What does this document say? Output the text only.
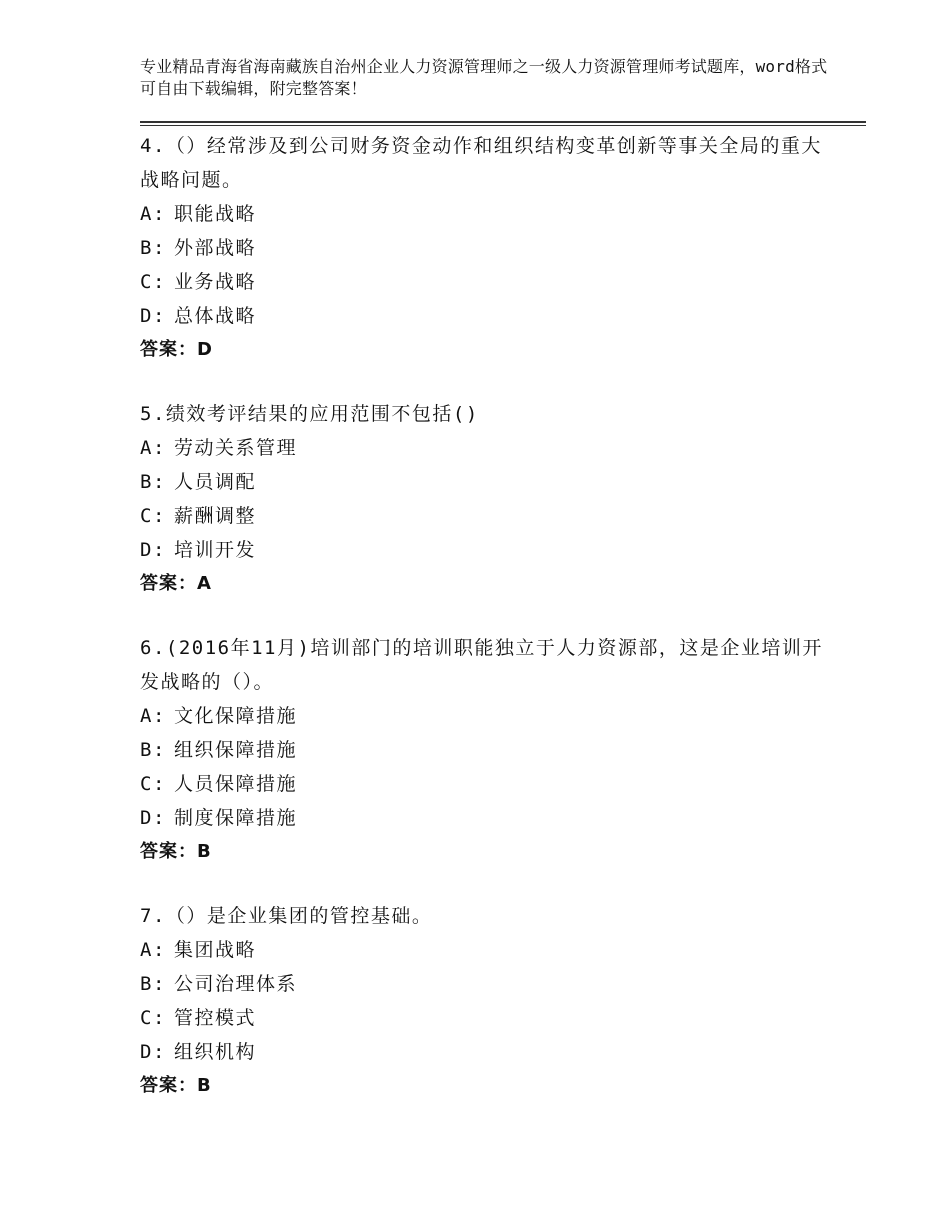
专业精品青海省海南藏族自治州企业人力资源管理师之一级人力资源管理师考试题库，word格式可自由下载编辑，附完整答案！

4.（）经常涉及到公司财务资金动作和组织结构变革创新等事关全局的重大战略问题。

A: 职能战略

B: 外部战略

C: 业务战略

D: 总体战略

答案：D

5.绩效考评结果的应用范围不包括()

A: 劳动关系管理

B: 人员调配

C: 薪酬调整

D: 培训开发

答案：A

6.(2016年11月)培训部门的培训职能独立于人力资源部，这是企业培训开发战略的（）。

A: 文化保障措施

B: 组织保障措施

C: 人员保障措施

D: 制度保障措施

答案：B

7.（）是企业集团的管控基础。

A: 集团战略

B: 公司治理体系

C: 管控模式

D: 组织机构

答案：B
